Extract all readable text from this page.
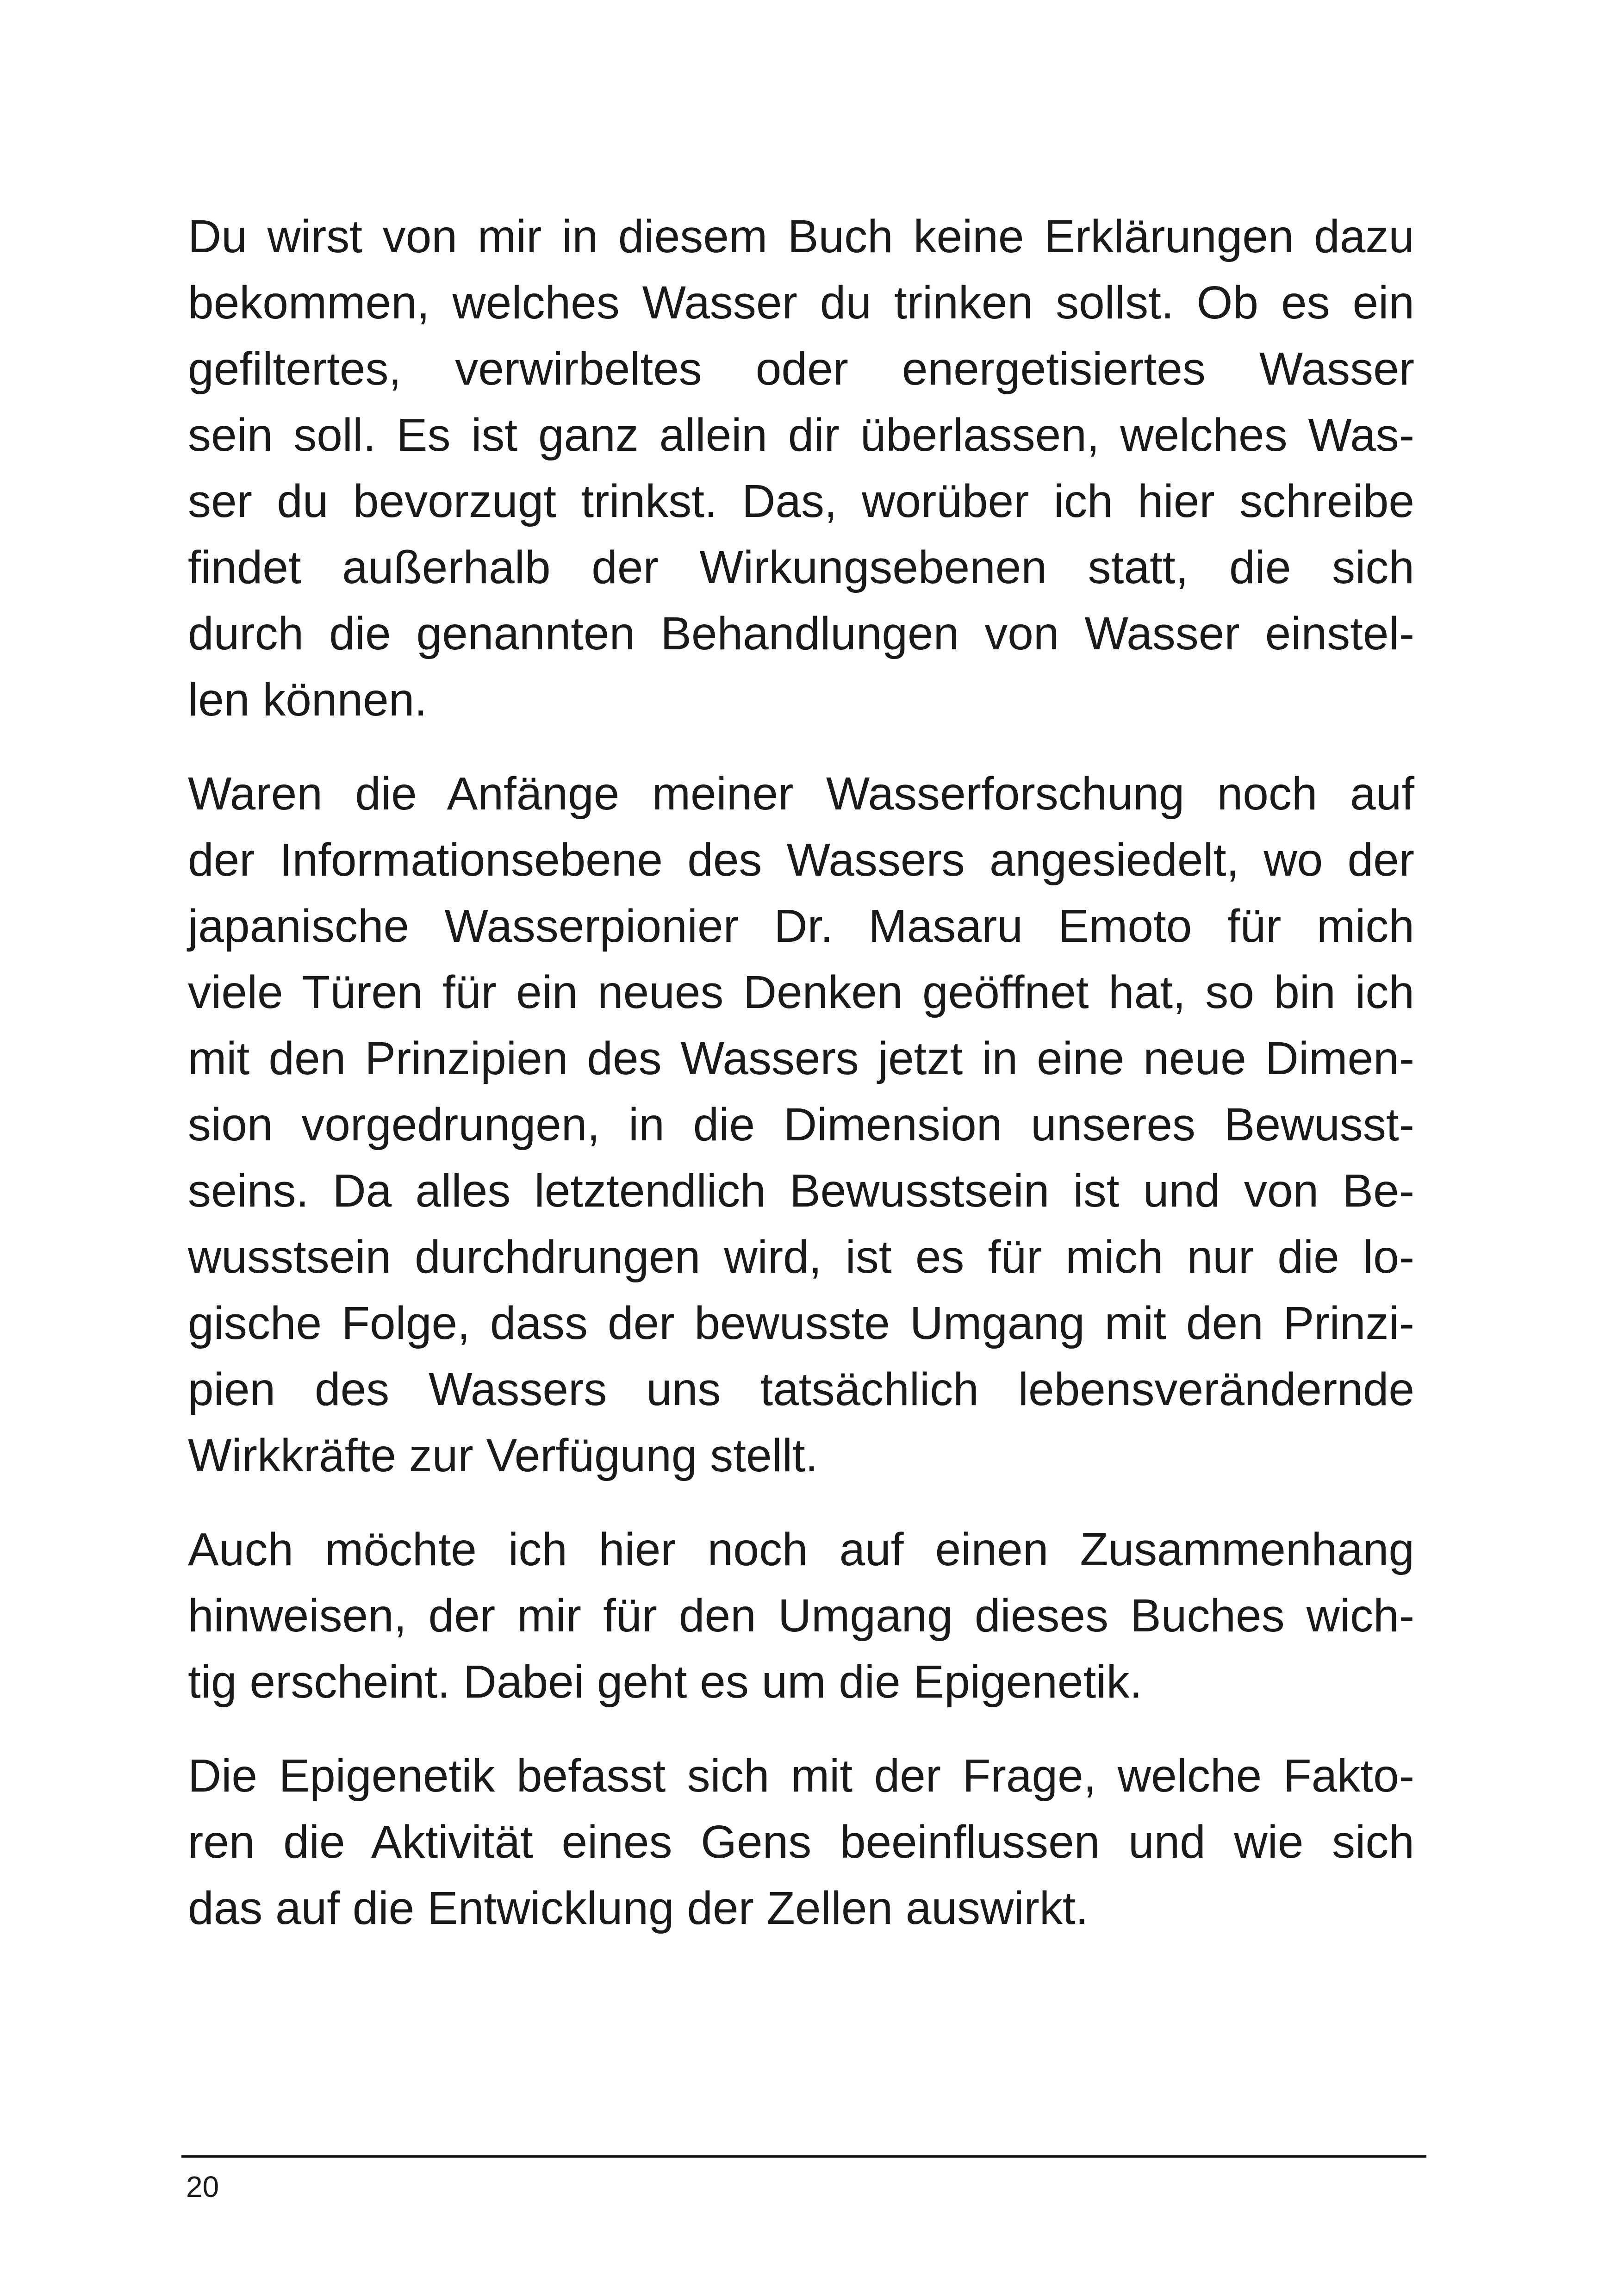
Du wirst von mir in diesem Buch keine Erklärungen dazu
bekommen, welches Wasser du trinken sollst. Ob es ein
gefiltertes, verwirbeltes oder energetisiertes Wasser
sein soll. Es ist ganz allein dir überlassen, welches Was-
ser du bevorzugt trinkst. Das, worüber ich hier schreibe
findet außerhalb der Wirkungsebenen statt, die sich
durch die genannten Behandlungen von Wasser einstel-
len können.
Waren die Anfänge meiner Wasserforschung noch auf
der Informationsebene des Wassers angesiedelt, wo der
japanische Wasserpionier Dr. Masaru Emoto für mich
viele Türen für ein neues Denken geöffnet hat, so bin ich
mit den Prinzipien des Wassers jetzt in eine neue Dimen-
sion vorgedrungen, in die Dimension unseres Bewusst-
seins. Da alles letztendlich Bewusstsein ist und von Be-
wusstsein durchdrungen wird, ist es für mich nur die lo-
gische Folge, dass der bewusste Umgang mit den Prinzi-
pien des Wassers uns tatsächlich lebensverändernde
Wirkkräfte zur Verfügung stellt.
Auch möchte ich hier noch auf einen Zusammenhang
hinweisen, der mir für den Umgang dieses Buches wich-
tig erscheint. Dabei geht es um die Epigenetik.
Die Epigenetik befasst sich mit der Frage, welche Fakto-
ren die Aktivität eines Gens beeinflussen und wie sich
das auf die Entwicklung der Zellen auswirkt.
20
